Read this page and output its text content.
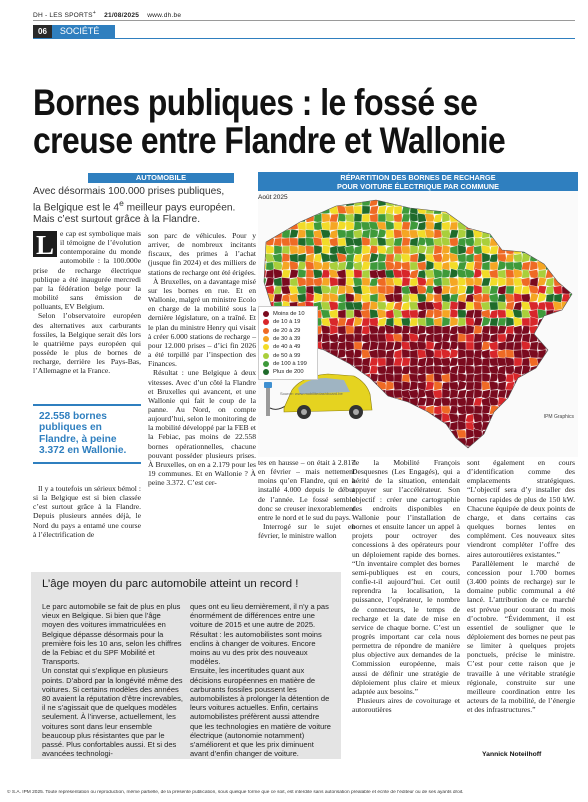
DH - LES SPORTS+ 21/08/2025 www.dh.be
06	SOCIÉTÉ
Bornes publiques : le fossé se
creuse entre Flandre et Wallonie
AUTOMOBILE
Avec désormais 100.000 prises publiques,
la Belgique est le 4e meilleur pays européen.
Mais c’est surtout grâce à la Flandre.

L e cap est symbolique mais il témoigne de l’évolution contemporaine du monde automobile : la 100.000e prise de recharge électrique publique a été inaugurée mercredi par la fédération belge pour la mobilité sans émission de polluants, EV Belgium.

Selon l’observatoire européen des alternatives aux carburants fossiles, la Belgique serait dès lors le quatrième pays européen qui possède le plus de bornes de recharge, derrière les Pays-Bas, l’Allemagne et la France.

22.558 bornes publiques en Flandre, à peine 3.372 en Wallonie.

Il y a toutefois un sérieux bémol : si la Belgique est si bien classée c’est surtout grâce à la Flandre. Depuis plusieurs années déjà, le Nord du pays a entamé une course à l’électrification de

son parc de véhicules. Pour y arriver, de nombreux incitants fiscaux, des primes à l’achat (jusque fin 2024) et des milliers de stations de recharge ont été érigées.

À Bruxelles, on a davantage misé sur les bornes en rue. Et en Wallonie, malgré un ministre Ecolo en charge de la mobilité sous la dernière législature, on a traîné. Et le plan du ministre Henry qui visait à créer 6.000 stations de recharge – pour 12.000 prises – d’ici fin 2026 a été torpillé par l’inspection des Finances.

Résultat : une Belgique à deux vitesses. Avec d’un côté la Flandre et Bruxelles qui avancent, et une Wallonie qui fait le coup de la panne. Au Nord, on compte aujourd’hui, selon le monitoring de la mobilité développé par la FEB et la Febiac, pas moins de 22.558 bornes opérationnelles, chacune pouvant posséder plusieurs prises. À Bruxelles, on en a 2.179 pour les 19 communes. Et en Wallonie ? À peine 3.372. C’est cer-

RÉPARTITION DES BORNES DE RECHARGE
POUR VOITURE ÉLECTRIQUE PAR COMMUNE
Août 2025
Moins de 10
de 10 à 19
de 20 à 29
de 30 à 39
de 40 à 49
de 50 à 99
de 100 à 199
Plus de 200
Source: www.mobilitedashboard.be
IPM Graphics

tes en hausse – on était à 2.817 en février – mais nettement moins qu’en Flandre, qui en a installé 4.000 depuis le début de l’année. Le fossé semble donc se creuser inexorablement entre le nord et le sud du pays.

Interrogé sur le sujet en février, le ministre wallon

de la Mobilité François Desquesnes (Les Engagés), qui a hérité de la situation, entendait appuyer sur l’accélérateur. Son objectif : créer une cartographie des endroits disponibles en Wallonie pour l’installation de bornes et ensuite lancer un appel à projets pour octroyer des concessions à des opérateurs pour un déploiement rapide des bornes. “Un inventaire complet des bornes semi-publiques est en cours, confie-t-il aujourd’hui. Cet outil reprendra la localisation, la puissance, l’opérateur, le nombre de connecteurs, le temps de recharge et la date de mise en service de chaque borne. C’est un progrès important car cela nous permettra de répondre de manière plus objective aux demandes de la Commission européenne, mais aussi de définir une stratégie de déploiement plus claire et mieux adaptée aux besoins.”

Plusieurs aires de covoiturage et autoroutières

sont également en cours d’identification comme des emplacements stratégiques. “L’objectif sera d’y installer des bornes rapides de plus de 150 kW. Chacune équipée de deux points de charge, et dans certains cas quelques bornes lentes en complément. Ces nouveaux sites viendront compléter l’offre des aires autoroutières existantes.”

Parallèlement le marché de concession pour 1.700 bornes (3.400 points de recharge) sur le domaine public communal a été lancé. L’attribution de ce marché est prévue pour courant du mois d’octobre. “Évidemment, il est essentiel de souligner que le déploiement des bornes ne peut pas se limiter à quelques projets ponctuels, précise le ministre. C’est pour cette raison que je travaille à une véritable stratégie régionale, construite sur une meilleure coordination entre les acteurs de la mobilité, de l’énergie et des infrastructures.”

Yannick Noteilhoff
L’âge moyen du parc automobile atteint un record !

Le parc automobile se fait de plus en plus vieux en Belgique. Si bien que l’âge moyen des voitures immatriculées en Belgique dépasse désormais pour la première fois les 10 ans, selon les chiffres de la Febiac et du SPF Mobilité et Transports.

Un constat qui s’explique en plusieurs points. D’abord par la longévité même des voitures. Si certains modèles des années 80 avaient la réputation d’être increvables, il ne s’agissait que de quelques modèles seulement. À l’inverse, actuellement, les voitures sont dans leur ensemble beaucoup plus résistantes que par le passé. Plus confortables aussi. Et si des avancées technologi-

ques ont eu lieu dernièrement, il n’y a pas énormément de différences entre une voiture de 2015 et une autre de 2025. Résultat : les automobilistes sont moins enclins à changer de voitures. Encore moins au vu des prix des nouveaux modèles.

Ensuite, les incertitudes quant aux décisions européennes en matière de carburants fossiles poussent les automobilistes à prolonger la détention de leurs voitures actuelles. Enfin, certains automobilistes préfèrent aussi attendre que les technologies en matière de voiture électrique (autonomie notamment) s’améliorent et que les prix diminuent avant d’enfin changer de voiture.

© S.A. IPM 2025. Toute représentation ou reproduction, même partielle, de la présente publication, sous quelque forme que ce soit, est interdite sans autorisation préalable et écrite de l’éditeur ou de ses ayants droit.
